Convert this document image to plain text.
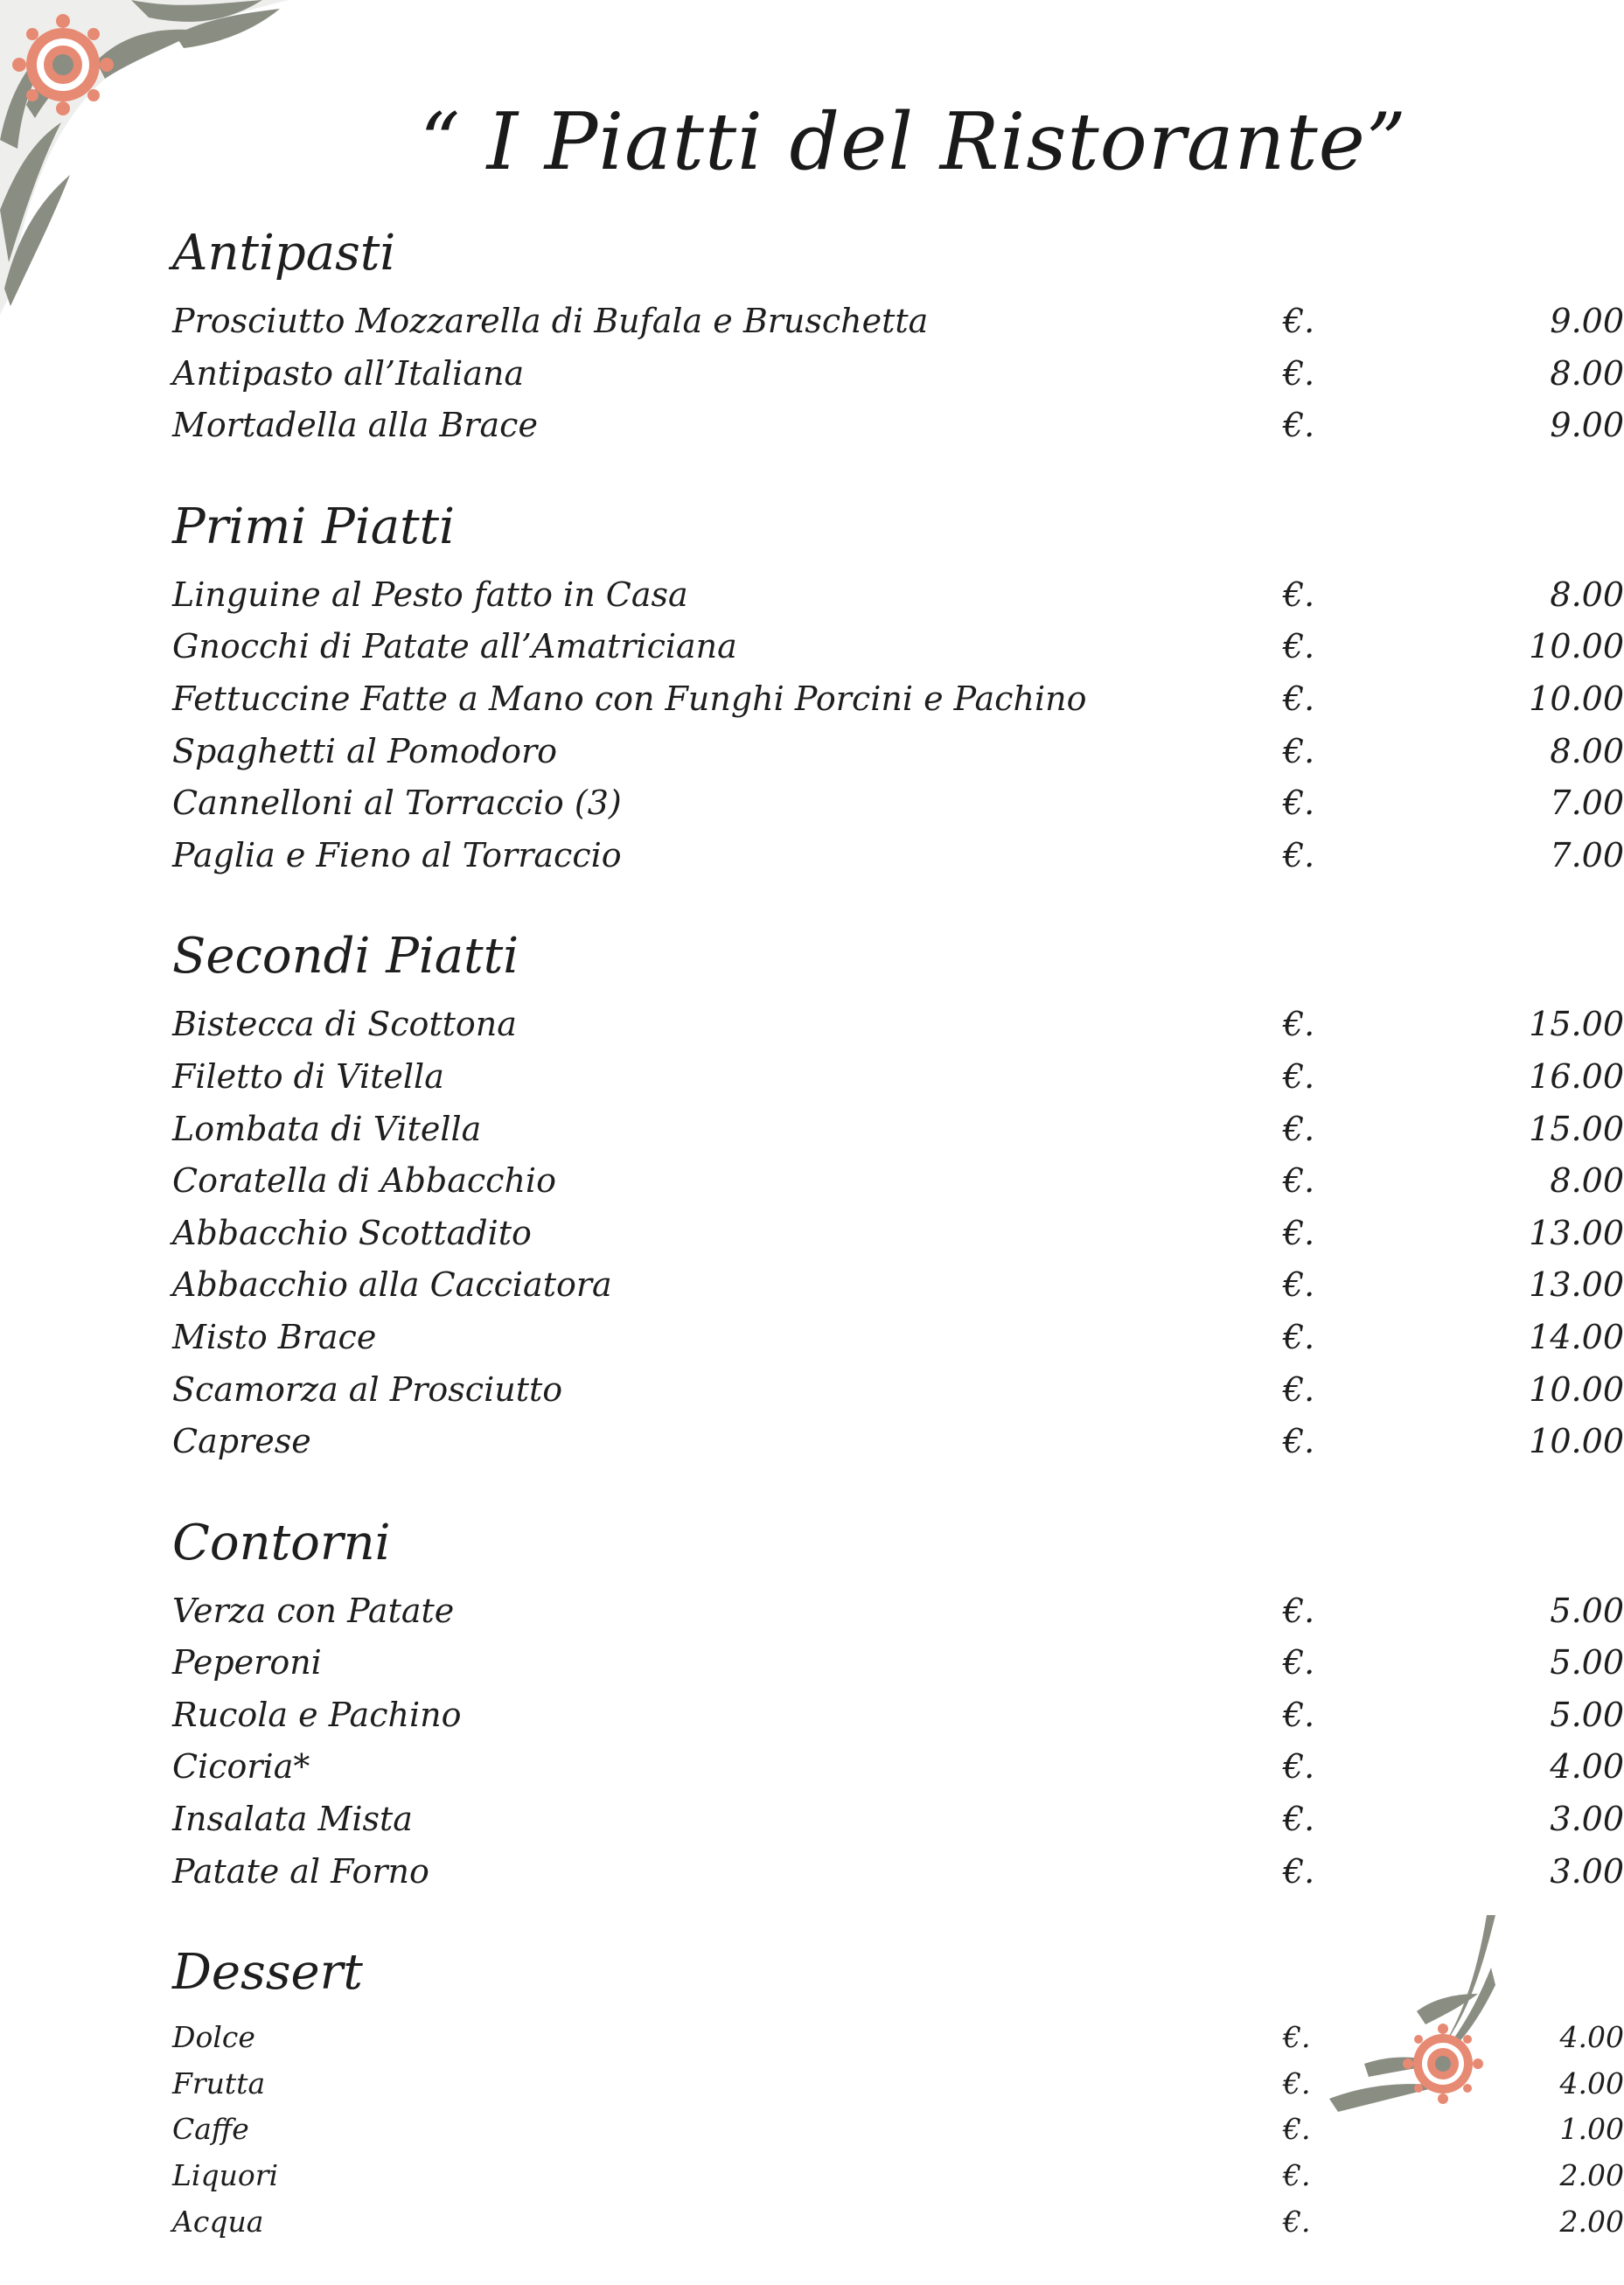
“ I Piatti del Ristorante”
Antipasti
Prosciutto Mozzarella di Bufala e Bruschetta	€.	9.00
Antipasto all’Italiana	€.	8.00
Mortadella alla Brace	€.	9.00
Primi Piatti
Linguine al Pesto fatto in Casa	€.	8.00
Gnocchi di Patate all’Amatriciana	€.	10.00
Fettuccine Fatte a Mano con Funghi Porcini e Pachino	€.	10.00
Spaghetti al Pomodoro	€.	8.00
Cannelloni al Torraccio (3)	€.	7.00
Paglia e Fieno al Torraccio	€.	7.00
Secondi Piatti
Bistecca di Scottona	€.	15.00
Filetto di Vitella	€.	16.00
Lombata di Vitella	€.	15.00
Coratella di Abbacchio	€.	8.00
Abbacchio Scottadito	€.	13.00
Abbacchio alla Cacciatora	€.	13.00
Misto Brace	€.	14.00
Scamorza al Prosciutto	€.	10.00
Caprese	€.	10.00
Contorni
Verza con Patate	€.	5.00
Peperoni	€.	5.00
Rucola e Pachino	€.	5.00
Cicoria*	€.	4.00
Insalata Mista	€.	3.00
Patate al Forno	€.	3.00
Dessert
Dolce	€.	4.00
Frutta	€.	4.00
Caffe	€.	1.00
Liquori	€.	2.00
Acqua	€.	2.00
